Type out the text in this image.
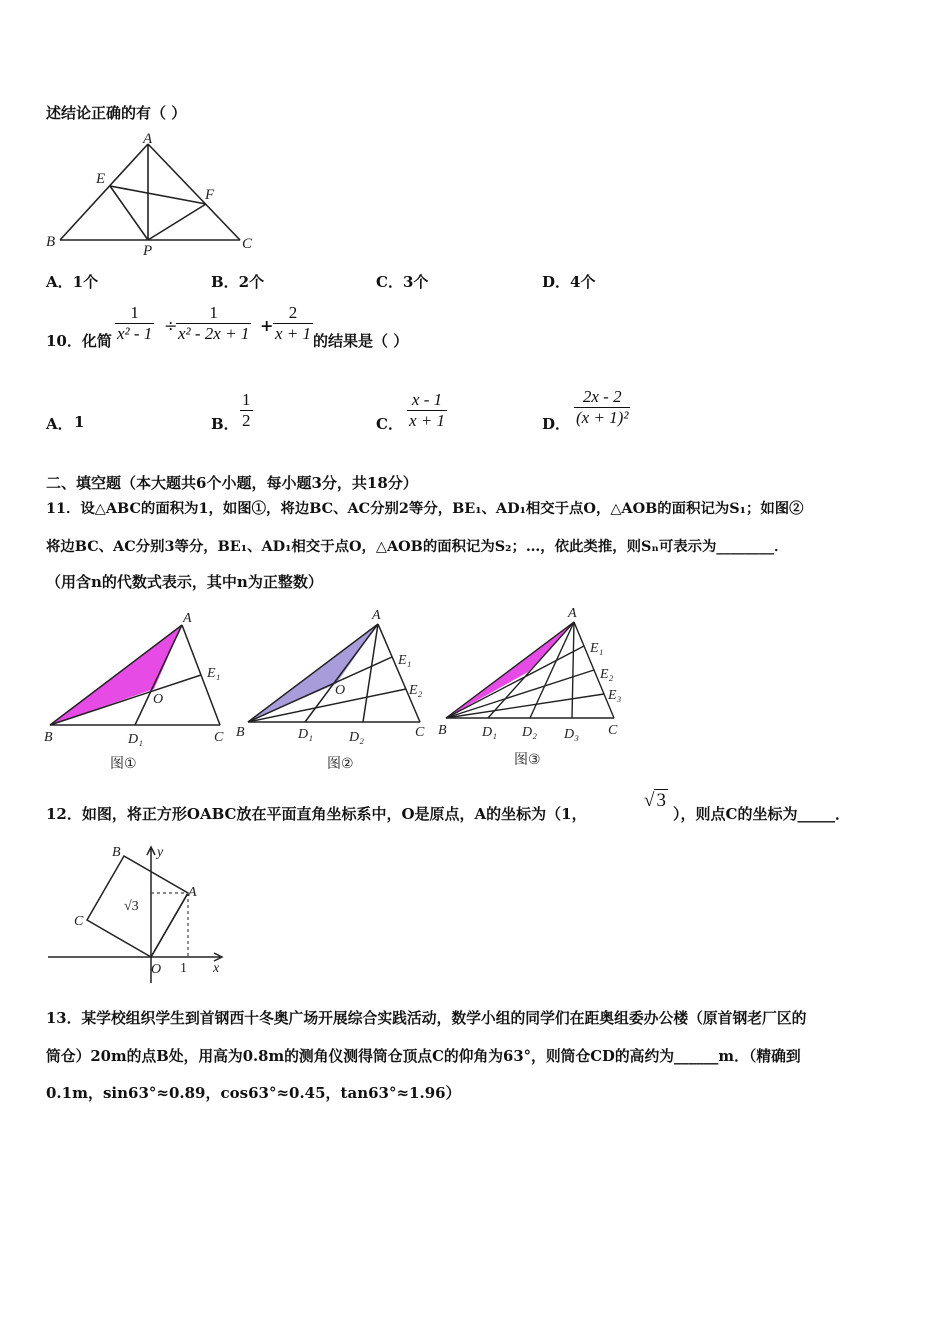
述结论正确的有（ ）
A
E
F
B
P	C
A．1个	B．2个	C．3个	D．4个
10．化简 $\frac{1}{\text{x² - 1}}$ ÷
$\frac{1}{\text{x² - 2x + 1}} + \frac{2}{x + 1}$ 的结果是（ ）
A． 1	B． $\frac{1}{2}$	C． $\frac{x - 1}{x + 1}$	D． $\frac{2x - 2}{\text{(x + 1)²}}$
二、填空题（本大题共6个小题，每小题3分，共18分）
11．设△ABC的面积为1，如图①，将边BC、AC分别2等分，BE₁、AD₁相交于点O，△AOB的面积记为S₁；如图②
将边BC、AC分别3等分，BE₁、AD₁相交于点O，△AOB的面积记为S₂；…，依此类推，则Sₙ可表示为________．
（用含n的代数式表示，其中n为正整数）
A
E₁
O
B	D₁	C
图①
A
E₁
E₂
O
B	D₁	D₂	C
图②
A
E₁
E₂
E₃
B	D₁ D₂ D₃ C
图③
12．如图，将正方形OABC放在平面直角坐标系中，O是原点，A的坐标为（1，
√ 3
），则点C的坐标为_____．
B	y
A
C
O	x
√3
1
13．某学校组织学生到首钢西十冬奥广场开展综合实践活动，数学小组的同学们在距奥组委办公楼（原首钢老厂区的
筒仓）20m的点B处，用高为0.8m的测角仪测得筒仓顶点C的仰角为63°，则筒仓CD的高约为______m．（精确到
0.1m，sin63°≈0.89，cos63°≈0.45，tan63°≈1.96）
